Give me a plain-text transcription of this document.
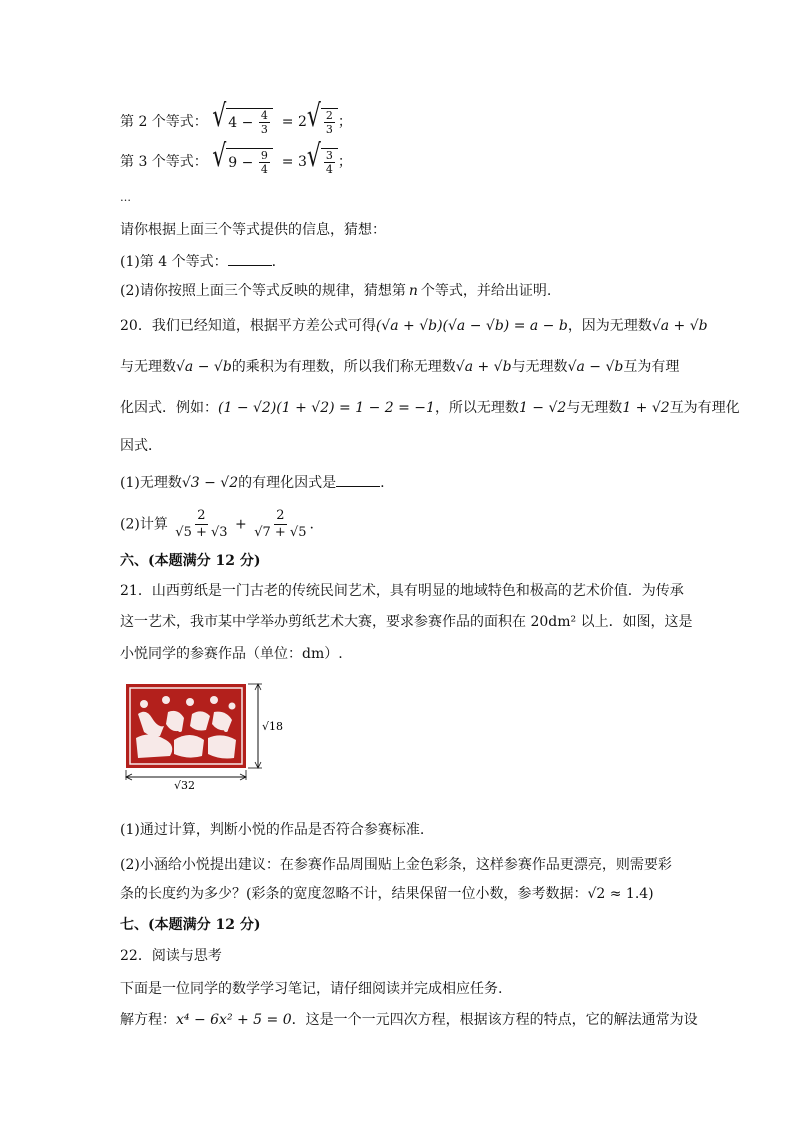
第 2 个等式： √ $4 - \frac{4}{3} = 2$ √ $\frac{2}{3}$ ；
第 3 个等式： √ $9 - \frac{9}{4} = 3$ √ $\frac{3}{4}$ ；
…
请你根据上面三个等式提供的信息，猜想：
(1)第 4 个等式：	.
(2)请你按照上面三个等式反映的规律，猜想第 n 个等式，并给出证明.
20．我们已经知道，根据平方差公式可得(√a + √b)(√a − √b) = a − b，因为无理数√a + √b
与无理数√a − √b的乘积为有理数，所以我们称无理数√a + √b与无理数√a − √b互为有理
化因式．例如：(1 − √2)(1 + √2) = 1 − 2 = −1，所以无理数1 − √2与无理数1 + √2互为有理化
因式．
(1)无理数√3 − √2的有理化因式是	.
(2)计算 $\frac{2}{√5 + √3} + \frac{2}{√7 + √5}$ .
六、(本题满分 12 分)
21．山西剪纸是一门古老的传统民间艺术，具有明显的地域特色和极高的艺术价值．为传承
这一艺术，我市某中学举办剪纸艺术大赛，要求参赛作品的面积在 20dm² 以上．如图，这是
小悦同学的参赛作品（单位：dm）.
√18
√32
(1)通过计算，判断小悦的作品是否符合参赛标准.
(2)小涵给小悦提出建议：在参赛作品周围贴上金色彩条，这样参赛作品更漂亮，则需要彩
条的长度约为多少？(彩条的宽度忽略不计，结果保留一位小数，参考数据：√2 ≈ 1.4)
七、(本题满分 12 分)
22．阅读与思考
下面是一位同学的数学学习笔记，请仔细阅读并完成相应任务.
解方程：x⁴ − 6x² + 5 = 0．这是一个一元四次方程，根据该方程的特点，它的解法通常为设
